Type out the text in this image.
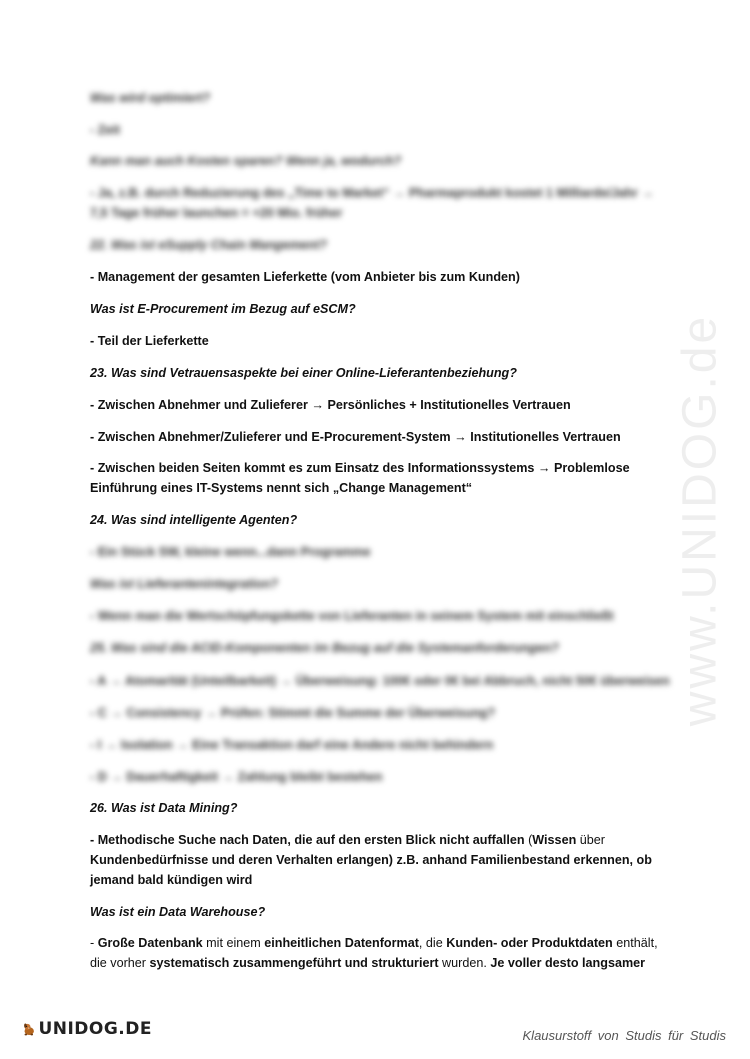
www.UNIDOG.de
Was wird optimiert?
- Zeit
Kann man auch Kosten sparen? Wenn ja, wodurch?
- Ja, z.B. durch Reduzierung des „Time to Market“ → Pharmaprodukt kostet 1 Milliarde/Jahr → 7,5 Tage früher launchen = +20 Mio. früher
22. Was ist eSupply Chain Mangement?
- Management der gesamten Lieferkette (vom Anbieter bis zum Kunden)
Was ist E-Procurement im Bezug auf eSCM?
- Teil der Lieferkette
23. Was sind Vetrauensaspekte bei einer Online-Lieferantenbeziehung?
- Zwischen Abnehmer und Zulieferer → Persönliches + Institutionelles Vertrauen
- Zwischen Abnehmer/Zulieferer und E-Procurement-System → Institutionelles Vertrauen
- Zwischen beiden Seiten kommt es zum Einsatz des Informationssystems → Problemlose Einführung eines IT-Systems nennt sich „Change Management“
24. Was sind intelligente Agenten?
- Ein Stück SW, kleine wenn...dann Programme
Was ist Lieferantenintegration?
- Wenn man die Wertschöpfungskette von Lieferanten in seinem System mit einschließt
25. Was sind die ACID-Komponenten im Bezug auf die Systemanforderungen?
- A → Atomarität (Unteilbarkeit) → Überweisung: 100€ oder 0€ bei Abbruch, nicht 50€ überweisen
- C → Consistency → Prüfen: Stimmt die Summe der Überweisung?
- I → Isolation → Eine Transaktion darf eine Andere nicht behindern
- D → Dauerhaftigkeit → Zahlung bleibt bestehen
26. Was ist Data Mining?
- Methodische Suche nach Daten, die auf den ersten Blick nicht auffallen (Wissen über Kundenbedürfnisse und deren Verhalten erlangen) z.B. anhand Familienbestand erkennen, ob jemand bald kündigen wird
Was ist ein Data Warehouse?
- Große Datenbank mit einem einheitlichen Datenformat, die Kunden- oder Produktdaten enthält, die vorher systematisch zusammengeführt und strukturiert wurden. Je voller desto langsamer
UNIDOG.DE	Klausurstoff von Studis für Studis
